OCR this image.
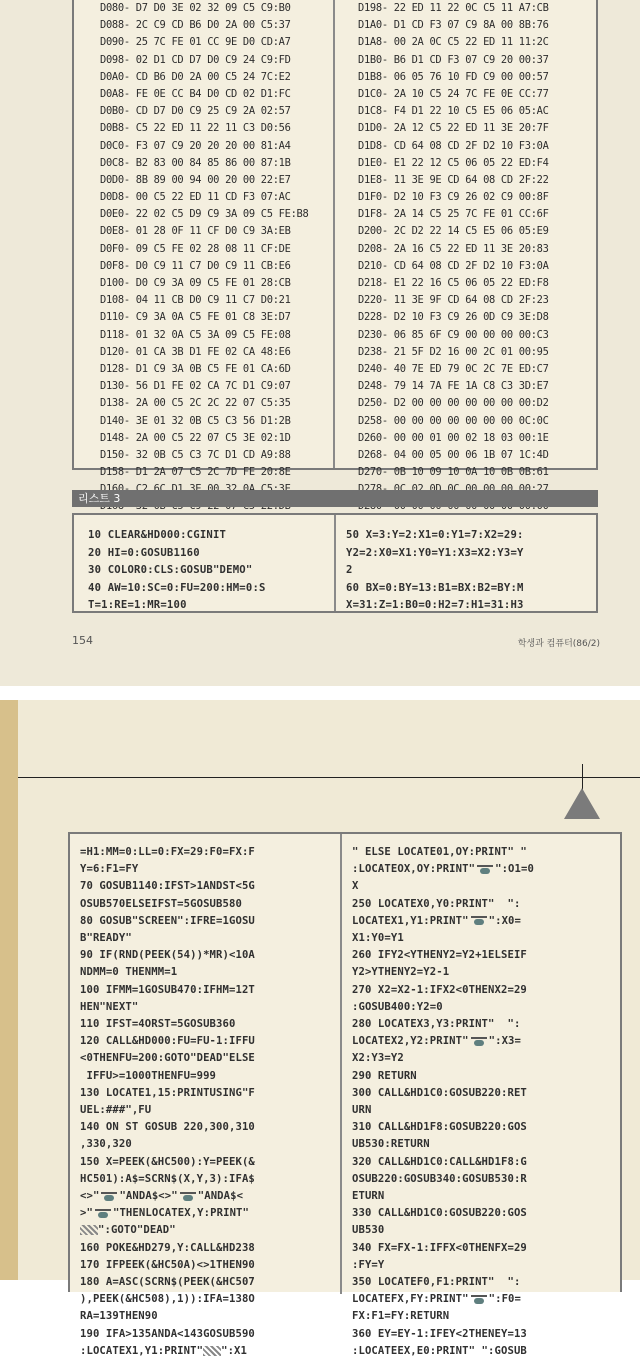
D080- D7 D0 3E 02 32 09 C5 C9:B0
D088- 2C C9 CD B6 D0 2A 00 C5:37
D090- 25 7C FE 01 CC 9E D0 CD:A7
D098- 02 D1 CD D7 D0 C9 24 C9:FD
D0A0- CD B6 D0 2A 00 C5 24 7C:E2
D0A8- FE 0E CC B4 D0 CD 02 D1:FC
D0B0- CD D7 D0 C9 25 C9 2A 02:57
D0B8- C5 22 ED 11 22 11 C3 D0:56
D0C0- F3 07 C9 20 20 20 00 81:A4
D0C8- B2 83 00 84 85 86 00 87:1B
D0D0- 8B 89 00 94 00 20 00 22:E7
D0D8- 00 C5 22 ED 11 CD F3 07:AC
D0E0- 22 02 C5 D9 C9 3A 09 C5 FE:B8
D0E8- 01 28 0F 11 CF D0 C9 3A:EB
D0F0- 09 C5 FE 02 28 08 11 CF:DE
D0F8- D0 C9 11 C7 D0 C9 11 CB:E6
D100- D0 C9 3A 09 C5 FE 01 28:CB
D108- 04 11 CB D0 C9 11 C7 D0:21
D110- C9 3A 0A C5 FE 01 C8 3E:D7
D118- 01 32 0A C5 3A 09 C5 FE:08
D120- 01 CA 3B D1 FE 02 CA 48:E6
D128- D1 C9 3A 0B C5 FE 01 CA:6D
D130- 56 D1 FE 02 CA 7C D1 C9:07
D138- 2A 00 C5 2C 2C 22 07 C5:35
D140- 3E 01 32 0B C5 C3 56 D1:2B
D148- 2A 00 C5 22 07 C5 3E 02:1D
D150- 32 0B C5 C3 7C D1 CD A9:88
D158- D1 2A 07 C5 2C 7D FE 20:8E
D198- 22 ED 11 22 0C C5 11 A7:CB
D1A0- D1 CD F3 07 C9 8A 00 8B:76
D1A8- 00 2A 0C C5 22 ED 11 11:2C
D1B0- B6 D1 CD F3 07 C9 20 00:37
D1B8- 06 05 76 10 FD C9 00 00:57
D1C0- 2A 10 C5 24 7C FE 0E CC:77
D1C8- F4 D1 22 10 C5 E5 06 05:AC
D1D0- 2A 12 C5 22 ED 11 3E 20:7F
D1D8- CD 64 08 CD 2F D2 10 F3:0A
D1E0- E1 22 12 C5 06 05 22 ED:F4
D1E8- 11 3E 9E CD 64 08 CD 2F:22
D1F0- D2 10 F3 C9 26 02 C9 00:8F
D1F8- 2A 14 C5 25 7C FE 01 CC:6F
D200- 2C D2 22 14 C5 E5 06 05:E9
D208- 2A 16 C5 22 ED 11 3E 20:83
D210- CD 64 08 CD 2F D2 10 F3:0A
D218- E1 22 16 C5 06 05 22 ED:F8
D220- 11 3E 9F CD 64 08 CD 2F:23
D228- D2 10 F3 C9 26 0D C9 3E:D8
D230- 06 85 6F C9 00 00 00 00:C3
D238- 21 5F D2 16 00 2C 01 00:95
D240- 40 7E ED 79 0C 2C 7E ED:C7
D248- 79 14 7A FE 1A C8 C3 3D:E7
D250- D2 00 00 00 00 00 00 00:D2
D258- 00 00 00 00 00 00 00 0C:0C
D260- 00 00 01 00 02 18 03 00:1E
D268- 04 00 05 00 06 1B 07 1C:4D
D270- 0B 10 09 10 0A 10 0B 0B:61
리스트 3
10 CLEAR&HD000:CGINIT
20 HI=0:GOSUB1160
30 COLOR0:CLS:GOSUB"DEMO"
40 AW=10:SC=0:FU=200:HM=0:S
T=1:RE=1:MR=100
50 X=3:Y=2:X1=0:Y1=7:X2=29:
Y2=2:X0=X1:Y0=Y1:X3=X2:Y3=Y
2
60 BX=0:BY=13:B1=BX:B2=BY:M
X=31:Z=1:B0=0:H2=7:H1=31:H3
154	학생과 컴퓨터(86/2)
=H1:MM=0:LL=0:FX=29:F0=FX:F
Y=6:F1=FY
70 GOSUB1140:IFST>1ANDST<5G
OSUB570ELSEIFST=5GOSUB580
80 GOSUB"SCREEN":IFRE=1GOSU
B"READY"
90 IF(RND(PEEK(54))*MR)<10A
NDMM=0 THENMM=1
100 IFMM=1GOSUB470:IFHM=12T
HEN"NEXT"
110 IFST=4ORST=5GOSUB360
120 CALL&HD000:FU=FU-1:IFFU
<0THENFU=200:GOTO"DEAD"ELSE
IFFU>=1000THENFU=999
130 LOCATE1,15:PRINTUSING"F
UEL:###",FU
140 ON ST GOSUB 220,300,310
,330,320
150 X=PEEK(&HC500):Y=PEEK(&
HC501):A$=SCRN$(X,Y,3):IFA$
<>" "ANDA$<>" "ANDA$<
>" "THENLOCATEX,Y:PRINT"
":GOTO"DEAD"
160 POKE&HD279,Y:CALL&HD238
170 IFPEEK(&HC50A)<>1THEN90
180 A=ASC(SCRN$(PEEK(&HC507
),PEEK(&HC508),1)):IFA=138O
RA=139THEN90
190 IFA>135ANDA<143GOSUB590
:LOCATEX1,Y1:PRINT" ":X1
" ELSE LOCATE01,OY:PRINT" "
:LOCATEOX,OY:PRINT" ":O1=0
X
250 LOCATEX0,Y0:PRINT"  ":
LOCATEX1,Y1:PRINT" ":X0=
X1:Y0=Y1
260 IFY2<YTHENY2=Y2+1ELSEIF
Y2>YTHENY2=Y2-1
270 X2=X2-1:IFX2<0THENX2=29
:GOSUB400:Y2=0
280 LOCATEX3,Y3:PRINT"  ":
LOCATEX2,Y2:PRINT" ":X3=
X2:Y3=Y2
290 RETURN
300 CALL&HD1C0:GOSUB220:RET
URN
310 CALL&HD1F8:GOSUB220:GOS
UB530:RETURN
320 CALL&HD1C0:CALL&HD1F8:G
OSUB220:GOSUB340:GOSUB530:R
ETURN
330 CALL&HD1C0:GOSUB220:GOS
UB530
340 FX=FX-1:IFFX<0THENFX=29
:FY=Y
350 LOCATEF0,F1:PRINT"  ":
LOCATEFX,FY:PRINT" ":F0=
FX:F1=FY:RETURN
360 EY=EY-1:IFEY<2THENEY=13
:LOCATEEX,E0:PRINT" ":GOSUB
